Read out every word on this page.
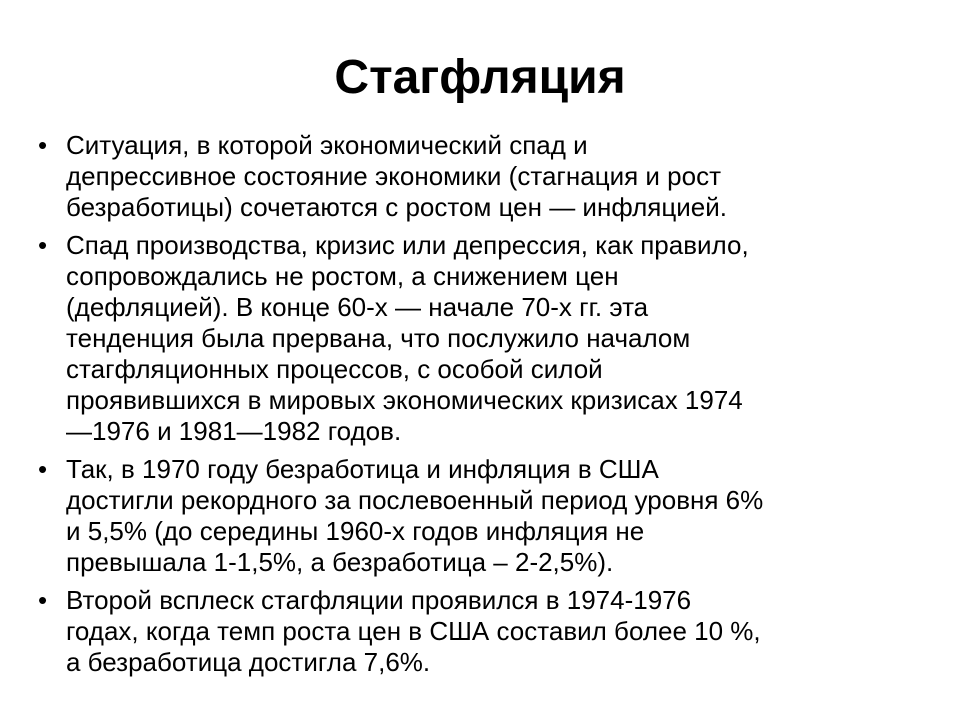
Стагфляция
• Ситуация, в которой экономический спад и
депрессивное состояние экономики (стагнация и рост
безработицы) сочетаются с ростом цен — инфляцией.
• Спад производства, кризис или депрессия, как правило,
сопровождались не ростом, а снижением цен
(дефляцией). В конце 60-х — начале 70-х гг. эта
тенденция была прервана, что послужило началом
стагфляционных процессов, с особой силой
проявившихся в мировых экономических кризисах 1974
—1976 и 1981—1982 годов.
• Так, в 1970 году безработица и инфляция в США
достигли рекордного за послевоенный период уровня 6%
и 5,5% (до середины 1960-х годов инфляция не
превышала 1-1,5%, а безработица – 2-2,5%).
• Второй всплеск стагфляции проявился в 1974-1976
годах, когда темп роста цен в США составил более 10 %,
а безработица достигла 7,6%.
